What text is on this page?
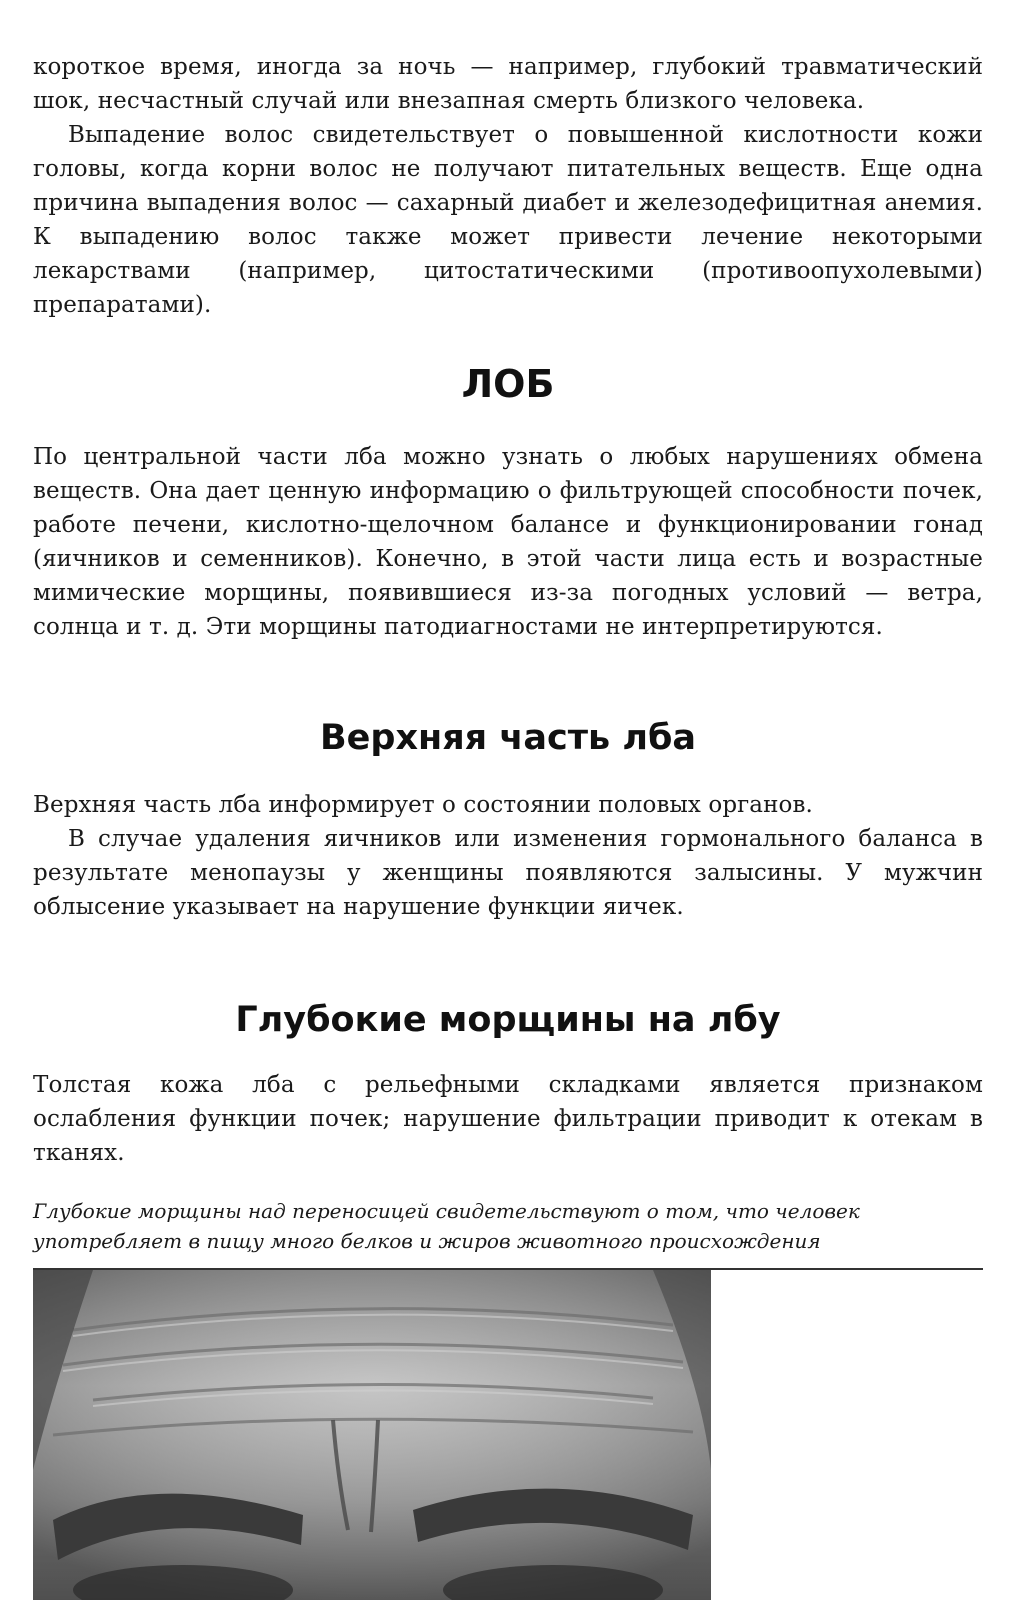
короткое время, иногда за ночь — например, глубокий травматический шок, несчастный случай или внезапная смерть близкого человека.

Выпадение волос свидетельствует о повышенной кислотности кожи головы, когда корни волос не получают питательных веществ. Еще одна причина выпадения волос — сахарный диабет и железодефицитная анемия. К выпадению волос также может привести лечение некоторыми лекарствами (например, цитостатическими (противоопухолевыми) препаратами).

ЛОБ

По центральной части лба можно узнать о любых нарушениях обмена веществ. Она дает ценную информацию о фильтрующей способности почек, работе печени, кислотно-щелочном балансе и функционировании гонад (яичников и семенников). Конечно, в этой части лица есть и возрастные мимические морщины, появившиеся из-за погодных условий — ветра, солнца и т. д. Эти морщины патодиагностами не интерпретируются.

Верхняя часть лба

Верхняя часть лба информирует о состоянии половых органов.

В случае удаления яичников или изменения гормонального баланса в результате менопаузы у женщины появляются залысины. У мужчин облысение указывает на нарушение функции яичек.

Глубокие морщины на лбу

Толстая кожа лба с рельефными складками является признаком ослабления функции почек; нарушение фильтрации приводит к отекам в тканях.

Глубокие морщины над переносицей свидетельствуют о том, что человек употребляет в пищу много белков и жиров животного происхождения
